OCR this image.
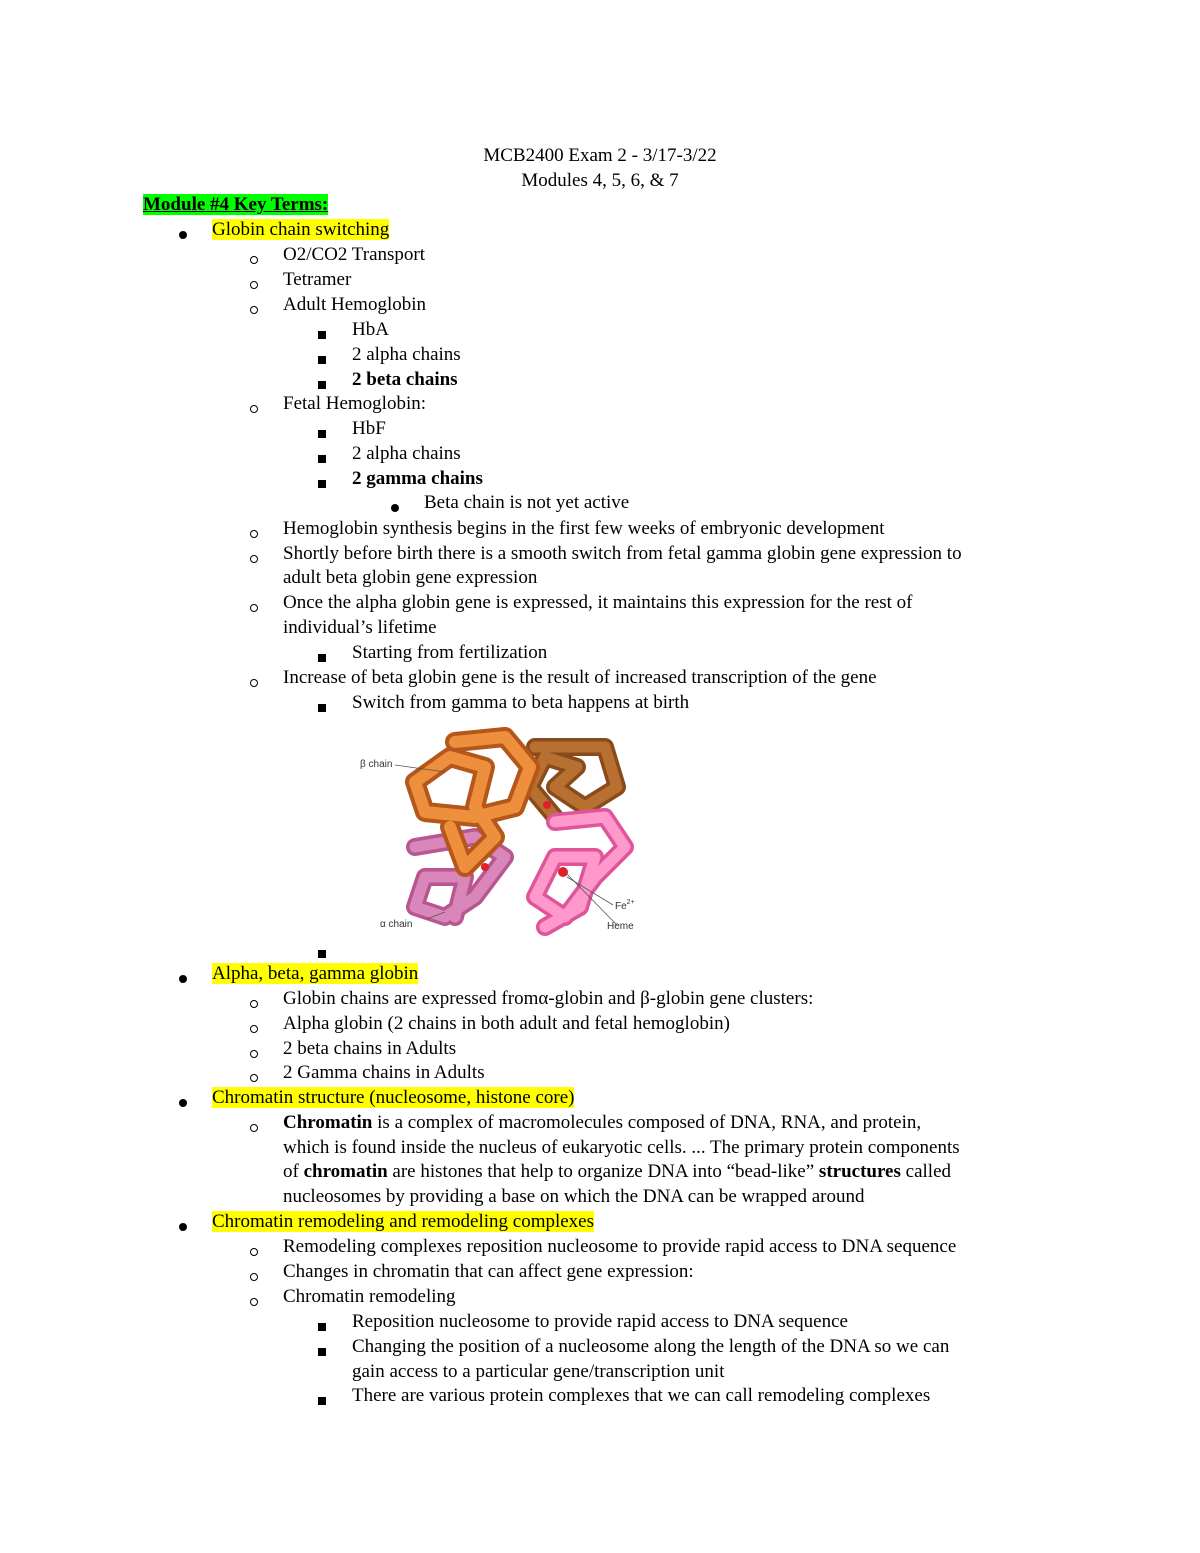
MCB2400 Exam 2 - 3/17-3/22
Modules 4, 5, 6, & 7
Module #4 Key Terms:
Globin chain switching
O2/CO2 Transport
Tetramer
Adult Hemoglobin
HbA
2 alpha chains
2 beta chains
Fetal Hemoglobin:
HbF
2 alpha chains
2 gamma chains
Beta chain is not yet active
Hemoglobin synthesis begins in the first few weeks of embryonic development
Shortly before birth there is a smooth switch from fetal gamma globin gene expression to
adult beta globin gene expression
Once the alpha globin gene is expressed, it maintains this expression for the rest of
individual’s lifetime
Starting from fertilization
Increase of beta globin gene is the result of increased transcription of the gene
Switch from gamma to beta happens at birth
β chain
α chain
$Fe^{2+}$
Heme
Alpha, beta, gamma globin
Globin chains are expressed fromα-globin and β-globin gene clusters:
Alpha globin (2 chains in both adult and fetal hemoglobin)
2 beta chains in Adults
2 Gamma chains in Adults
Chromatin structure (nucleosome, histone core)
Chromatin is a complex of macromolecules composed of DNA, RNA, and protein,
which is found inside the nucleus of eukaryotic cells. ... The primary protein components
of chromatin are histones that help to organize DNA into “bead-like” structures called
nucleosomes by providing a base on which the DNA can be wrapped around
Chromatin remodeling and remodeling complexes
Remodeling complexes reposition nucleosome to provide rapid access to DNA sequence
Changes in chromatin that can affect gene expression:
Chromatin remodeling
Reposition nucleosome to provide rapid access to DNA sequence
Changing the position of a nucleosome along the length of the DNA so we can
gain access to a particular gene/transcription unit
There are various protein complexes that we can call remodeling complexes
